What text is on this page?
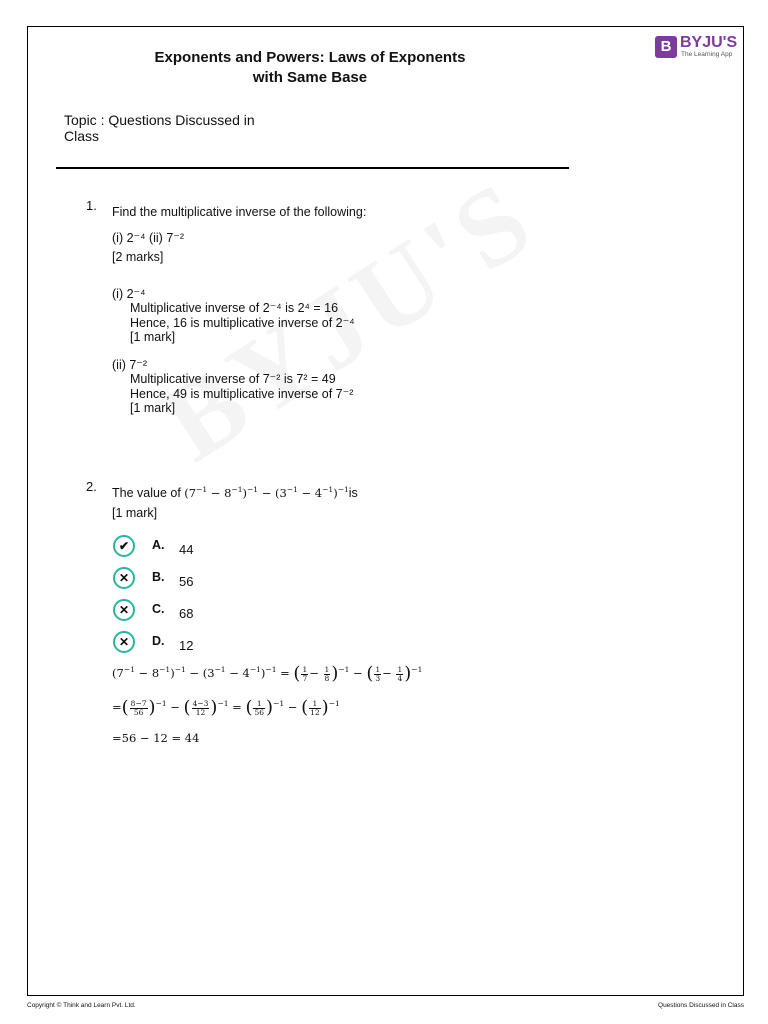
Exponents and Powers: Laws of Exponents
with Same Base
B BYJU'S
The Learning App
Topic : Questions Discussed in
Class
1. Find the multiplicative inverse of the following:
(i) 2⁻⁴ (ii) 7⁻²
[2 marks]
(i) 2⁻⁴
Multiplicative inverse of 2⁻⁴ is 2⁴ = 16
Hence, 16 is multiplicative inverse of 2⁻⁴
[1 mark]
(ii) 7⁻²
Multiplicative inverse of 7⁻² is 7² = 49
Hence, 49 is multiplicative inverse of 7⁻²
[1 mark]
2. The value of $(7^{-1} - 8^{-1})^{-1} - (3^{-1} - 4^{-1})^{-1}is$
[1 mark]
✔ A. 44
✕ B. 56
✕ C. 68
✕ D. 12
$(7^{-1} - 8^{-1})^{-1} - (3^{-1} - 4^{-1})^{-1}$ = ( $\frac{1}{7} - \frac{1}{8} )^{-1}$ − ( $\frac{1}{3} - \frac{1}{4} )^{-1}$
=( $\frac{8-7}{56} )^{-1}$ − ( $\frac{4-3}{12} )^{-1}$ = ( $\frac{1}{56} )^{-1}$ − ( $\frac{1}{12} )^{-1}$
=56 − 12 = 44
Copyright © Think and Learn Pvt. Ltd.	Questions Discussed in Class
